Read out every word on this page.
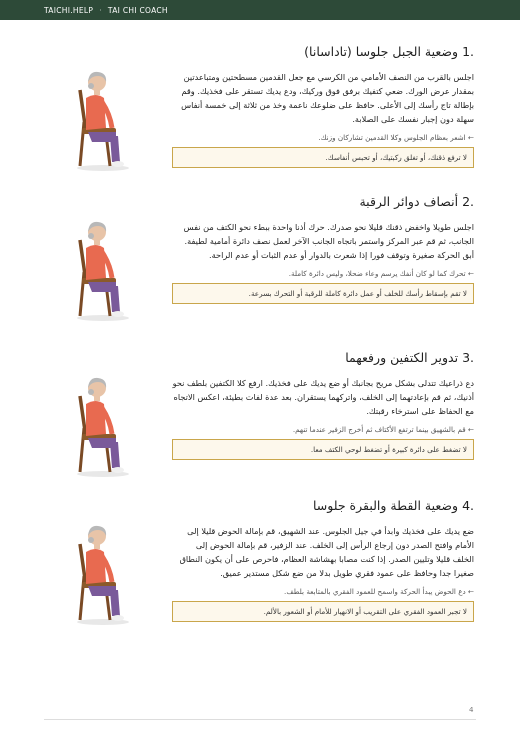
TAICHI.HELP · TAI CHI COACH
1. وضعية الجبل جلوسا (تاداسانا)

اجلس بالقرب من النصف الأمامي من الكرسي مع جعل القدمين مسطحتين ومتباعدتين بمقدار عرض الورك. ضعي كتفيك برفق فوق وركيك، ودع يديك تستقر على فخذيك. وقم بإطالة تاج رأسك إلى الأعلى. حافظ على ضلوعك ناعمة وخذ من ثلاثة إلى خمسة أنفاس سهلة دون إجبار نفسك على الصلابة.

← اشعر بعظام الجلوس وكلا القدمين تشاركان وزنك.
لا ترفع ذقنك، أو تغلق ركبتيك، أو تحبس أنفاسك.
2. أنصاف دوائر الرقبة

اجلس طويلا واخفض ذقنك قليلا نحو صدرك. حرك أذنا واحدة ببطء نحو الكتف من نفس الجانب، ثم قم عبر المركز واستمر باتجاه الجانب الآخر لعمل نصف دائرة أمامية لطيفة. أبق الحركة صغيرة وتوقف فورا إذا شعرت بالدوار أو عدم الثبات أو عدم الراحة.

← تحرك كما لو كان أنفك يرسم وعاء ضحلا، وليس دائرة كاملة.
لا تقم بإسقاط رأسك للخلف أو عمل دائرة كاملة للرقبة أو التحرك بسرعة.
3. تدوير الكتفين ورفعهما

دع ذراعيك تتدلى بشكل مريح بجانبك أو ضع يديك على فخذيك. ارفع كلا الكتفين بلطف نحو أذنيك، ثم قم بإعادتهما إلى الخلف، واتركهما يستقران. بعد عدة لفات بطيئة، اعكس الاتجاه مع الحفاظ على استرخاء رقبتك.

← قم بالشهيق بينما ترتفع الأكتاف ثم أخرج الزفير عندما تنهم.
لا تضغط على دائرة كبيرة أو تضغط لوحي الكتف معا.
4. وضعية القطة والبقرة جلوسا

ضع يديك على فخذيك وابدأ في جيل الجلوس. عند الشهيق، قم بإمالة الحوض قليلا إلى الأمام وافتح الصدر دون إرجاع الرأس إلى الخلف. عند الزفير، قم بإمالة الحوض إلى الخلف قليلا وتليين الصدر. إذا كنت مصابا بهشاشة العظام، فاحرص على أن يكون النطاق صغيرا جدا وحافظ على عمود فقري طويل بدلا من ضع شكل مستدير عميق.

← دع الحوض يبدأ الحركة واسمح للعمود الفقري بالمتابعة بلطف.
لا تجبر العمود الفقري على التقريب أو الانهيار للأمام أو الشعور بالألم.
4
